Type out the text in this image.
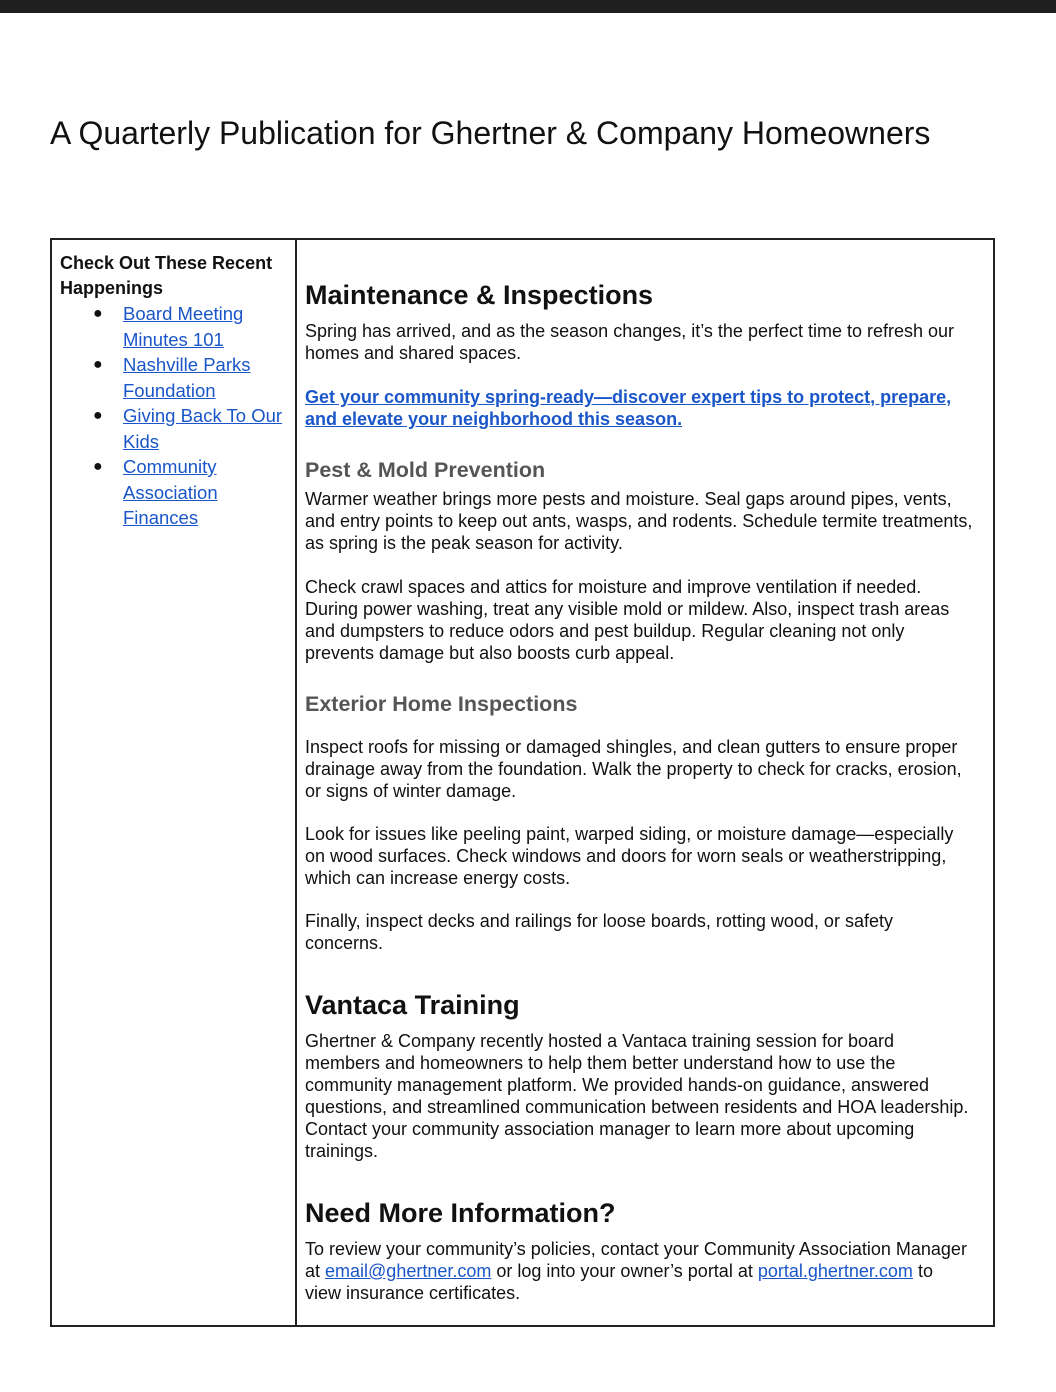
A Quarterly Publication for Ghertner & Company Homeowners

Check Out These Recent Happenings

● Board Meeting Minutes 101
● Nashville Parks Foundation
● Giving Back To Our Kids
● Community Association Finances
Maintenance & Inspections

Spring has arrived, and as the season changes, it’s the perfect time to refresh our homes and shared spaces.

Get your community spring-ready—discover expert tips to protect, prepare, and elevate your neighborhood this season.

Pest & Mold Prevention

Warmer weather brings more pests and moisture. Seal gaps around pipes, vents, and entry points to keep out ants, wasps, and rodents. Schedule termite treatments, as spring is the peak season for activity.

Check crawl spaces and attics for moisture and improve ventilation if needed. During power washing, treat any visible mold or mildew. Also, inspect trash areas and dumpsters to reduce odors and pest buildup. Regular cleaning not only prevents damage but also boosts curb appeal.

Exterior Home Inspections

Inspect roofs for missing or damaged shingles, and clean gutters to ensure proper drainage away from the foundation. Walk the property to check for cracks, erosion, or signs of winter damage.

Look for issues like peeling paint, warped siding, or moisture damage—especially on wood surfaces. Check windows and doors for worn seals or weatherstripping, which can increase energy costs.

Finally, inspect decks and railings for loose boards, rotting wood, or safety concerns.

Vantaca Training

Ghertner & Company recently hosted a Vantaca training session for board members and homeowners to help them better understand how to use the community management platform. We provided hands-on guidance, answered questions, and streamlined communication between residents and HOA leadership. Contact your community association manager to learn more about upcoming trainings.

Need More Information?

To review your community’s policies, contact your Community Association Manager at email@ghertner.com or log into your owner’s portal at portal.ghertner.com to view insurance certificates.
